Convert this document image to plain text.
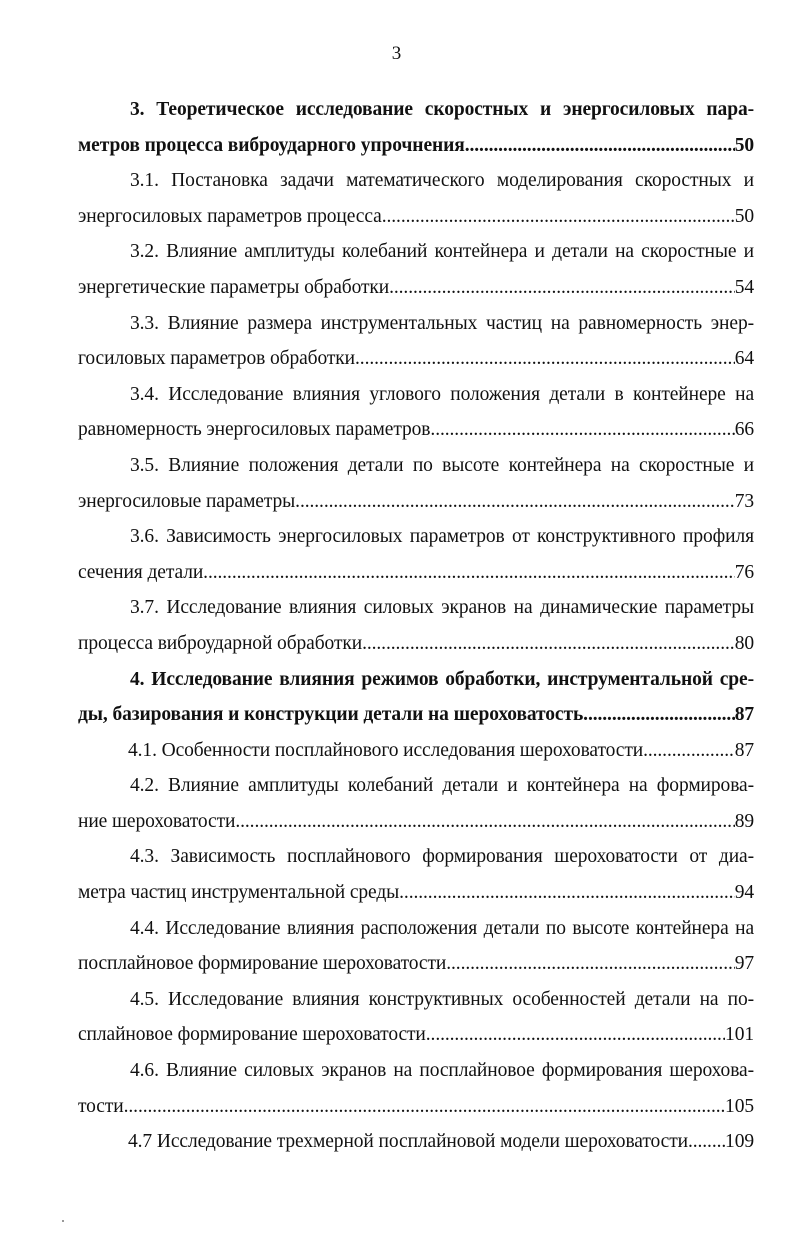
3
3. Теоретическое исследование скоростных и энергосиловых пара-
метров процесса виброударного упрочнения .....	50
3.1. Постановка задачи математического моделирования скоростных и
энергосиловых параметров процесса .....	50
3.2. Влияние амплитуды колебаний контейнера и детали на скоростные и
энергетические параметры обработки .....	54
3.3. Влияние размера инструментальных частиц на равномерность энер-
госиловых параметров обработки .....	64
3.4. Исследование влияния углового положения детали в контейнере на
равномерность энергосиловых параметров .....	66
3.5. Влияние положения детали по высоте контейнера на скоростные и
энергосиловые параметры .....	73
3.6. Зависимость энергосиловых параметров от конструктивного профиля
сечения детали .....	76
3.7. Исследование влияния силовых экранов на динамические параметры
процесса виброударной обработки .....	80
4. Исследование влияния режимов обработки, инструментальной сре-
ды, базирования и конструкции детали на шероховатость .....	87
4.1. Особенности посплайнового исследования шероховатости .....	87
4.2. Влияние амплитуды колебаний детали и контейнера на формирова-
ние шероховатости .....	89
4.3. Зависимость посплайнового формирования шероховатости от диа-
метра частиц инструментальной среды .....	94
4.4. Исследование влияния расположения детали по высоте контейнера на
посплайновое формирование шероховатости .....	97
4.5. Исследование влияния конструктивных особенностей детали на по-
сплайновое формирование шероховатости .....	101
4.6. Влияние силовых экранов на посплайновое формирования шерохова-
тости .....	105
4.7 Исследование трехмерной посплайновой модели шероховатости ..... 109
